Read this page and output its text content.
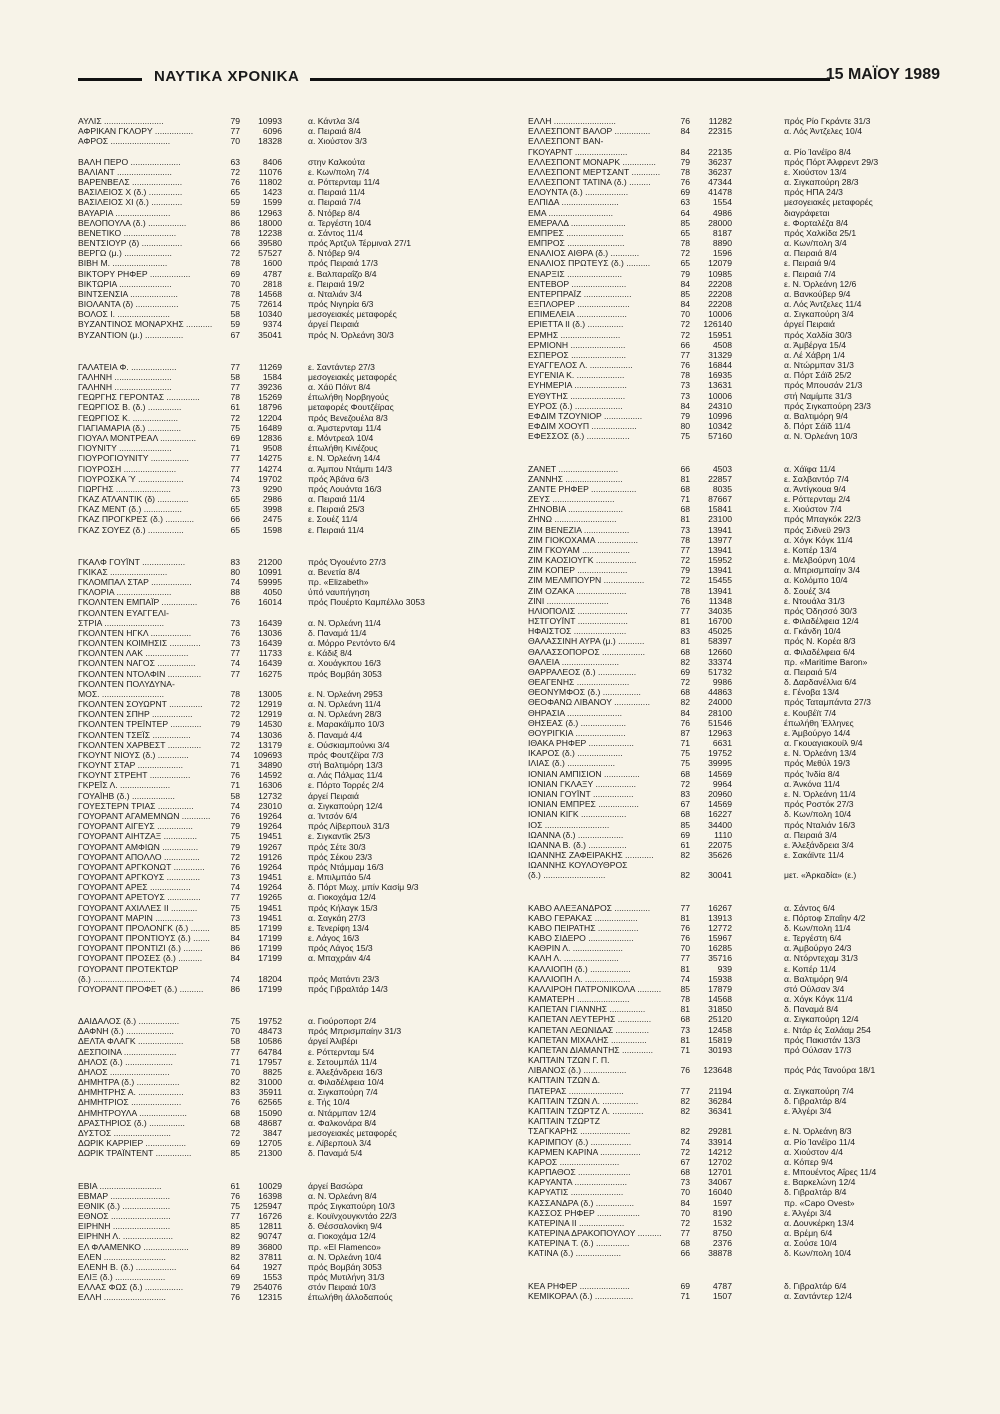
ΝΑΥΤΙΚΑ ΧΡΟΝΙΚΑ	15 ΜΑΪΟΥ 1989
ΑΥΛΙΣ .........................	79	10993	α. Κάντλα 3/4
ΑΦΡΙΚΑΝ ΓΚΛΟΡΥ ................	77	6096	α. Πειραιά 8/4
ΑΦΡΟΣ .........................	70	18328	α. Χιούστον 3/3
ΒΑΛΗ ΠΕΡΟ .....................	63	8406	στην Καλκούτα
ΒΑΛΙΑΝΤ .......................	72	11076	ε. Κων/πολη 7/4
ΒΑΡΕΝΒΕΛΣ .....................	76	11802	α. Ρόττερνταμ 11/4
ΒΑΣΙΛΕΙΟΣ Χ (δ.) ..............	65	1423	α. Πειραιά 11/4
ΒΑΣΙΛΕΙΟΣ ΧΙ (δ.) .............	59	1599	α. Πειραιά 7/4
ΒΑΥΑΡΙΑ .......................	86	12963	δ. Ντόβερ 8/4
ΒΕΛΟΠΟΥΛΑ (δ.) ................	86	18000	α. Τεργέστη 10/4
ΒΕΝΕΤΙΚΟ ......................	78	12238	α. Σάντος 11/4
ΒΕΝΤΣΙΟΥΡ (δ) .................	66	39580	πρός Άρτζυλ Τέρμιναλ 27/1
ΒΕΡΓΩ (μ.) ....................	72	57527	δ. Ντόβερ 9/4
ΒΙΒΗ Μ. .......................	78	1600	πρός Πειραιά 17/3
ΒΙΚΤΟΡΥ ΡΗΦΕΡ .................	69	4787	ε. Βαλπαραΐζο 8/4
ΒΙΚΤΩΡΙΑ ......................	70	2818	ε. Πειραιά 19/2
ΒΙΝΤΣΕΝΣΙΑ ....................	78	14568	α. Νταλιάν 3/4
ΒΙΟΛΑΝΤΑ (δ) ..................	75	72614	πρός Νιγηρία 6/3
ΒΟΛΟΣ Ι. ......................	58	10340	μεσογειακές μεταφορές
ΒΥΖΑΝΤΙΝΟΣ ΜΟΝΑΡΧΗΣ ...........	59	9374	άργεί Πειραιά
ΒΥΖΑΝΤΙΟΝ (μ.) ................	67	35041	πρός Ν. Όρλεάνη 30/3
ΓΑΛΑΤΕΙΑ Φ. ...................	77	11269	ε. Σαντάντερ 27/3
ΓΑΛΗΝΗ ........................	58	1584	μεσογειακές μεταφορές
ΓΑΛΗΝΗ ........................	77	39236	α. Χάϋ Πόϊντ 8/4
ΓΕΩΡΓΗΣ ΓΕΡΟΝΤΑΣ ..............	78	15269	έπωλήθη Νορβηγούς
ΓΕΩΡΓΙΟΣ Β. (δ.) ..............	61	18796	μεταφορές Φουτζέϊρας
ΓΕΩΡΓΙΟΣ Κ. ...................	72	12204	πρός Βενεζουέλα 8/3
ΓΙΑΓΙΑΜΑΡΙΑ (δ.) ..............	75	16489	α. Άμστερνταμ 11/4
ΓΙΟΥΑΛ ΜΟΝΤΡΕΑΛ ...............	69	12836	ε. Μόντρεαλ 10/4
ΓΙΟΥΝΙΤΥ ......................	71	9508	έπωλήθη Κινέζους
ΓΙΟΥΡΟΓΙΟΥΝΙΤΥ ................	77	14275	ε. Ν. Όρλεάνη 14/4
ΓΙΟΥΡΟΣΗ ......................	77	14274	α. Άμπου Ντάμπι 14/3
ΓΙΟΥΡΟΣΚΑ Ύ ...................	74	19702	πρός Άβάνα 6/3
ΓΙΩΡΓΗΣ .......................	73	9290	πρός Λουάντα 16/3
ΓΚΑΖ ΑΤΛΑΝΤΙΚ (δ) .............	65	2986	α. Πειραιά 11/4
ΓΚΑΖ ΜΕΝΤ (δ.) ................	65	3998	ε. Πειραιά 25/3
ΓΚΑΖ ΠΡΟΓΚΡΕΣ (δ.) ............	66	2475	ε. Σουέζ 11/4
ΓΚΑΖ ΣΟΥΕΖ (δ.) ...............	65	1598	ε. Πειραιά 11/4
ΓΚΑΛΦ ΓΟΥΪΝΤ ..................	83	21200	πρός Όγουέντο 27/3
ΓΚΙΚΑΣ ........................	80	10991	α. Βενετία 8/4
ΓΚΛΟΜΠΑΛ ΣΤΑΡ .................	74	59995	πρ. «Elizabeth»
ΓΚΛΟΡΙΑ .......................	88	4050	ύπό ναυπήγηση
ΓΚΟΛΝΤΕΝ ΕΜΠΑΪΡ ...............	76	16014	πρός Πουέρτο Καμπέλλο 3053
ΓΚΟΛΝΤΕΝ ΕΥΑΓΓΕΛΙ-
ΣΤΡΙΑ .........................	73	16439	α. Ν. Όρλεάνη 11/4
ΓΚΟΛΝΤΕΝ ΗΓΚΛ .................	76	13036	δ. Παναμά 11/4
ΓΚΟΛΝΤΕΝ ΚΟΙΜΗΣΙΣ .............	73	16439	α. Μόρρο Ρεντόντο 6/4
ΓΚΟΛΝΤΕΝ ΛΑΚ ..................	77	11733	ε. Κάδιξ 8/4
ΓΚΟΛΝΤΕΝ ΝΑΓΟΣ ................	74	16439	α. Χουάγκπου 16/3
ΓΚΟΛΝΤΕΝ ΝΤΟΛΦΙΝ ..............	77	16275	πρός Βομβάη 3053
ΓΚΟΛΝΤΕΝ ΠΟΛΥΔΥΝΑ-
ΜΟΣ. ..........................	78	13005	ε. Ν. Όρλεάνη 2953
ΓΚΟΛΝΤΕΝ ΣΟΥΩΡΝΤ ..............	72	12919	α. Ν. Όρλεάνη 11/4
ΓΚΟΛΝΤΕΝ ΣΠΗΡ .................	72	12919	α. Ν. Όρλεάνη 28/3
ΓΚΟΛΝΤΕΝ ΤΡΕΪΝΤΕΡ .............	79	14530	ε. Μαρακάϊμπο 10/3
ΓΚΟΛΝΤΕΝ ΤΣΕΪΣ ................	74	13036	δ. Παναμά 4/4
ΓΚΟΛΝΤΕΝ ΧΑΡΒΕΣΤ ..............	72	13179	ε. Ούσκιαμπούνκι 3/4
ΓΚΟΥΝΤ ΝΙΟΥΣ (δ.) .............	74	109693	πρός Φουτζέϊρα 7/3
ΓΚΟΥΝΤ ΣΤΑΡ ...................	71	34890	στή Βαλτιμόρη 13/3
ΓΚΟΥΝΤ ΣΤΡΕΗΤ .................	76	14592	α. Λάς Πάλμας 11/4
ΓΚΡΕΪΣ Λ. .....................	71	16306	ε. Πόρτο Τορρές 2/4
ΓΟΥΑΪΗΒ (δ.) ..................	58	12732	άργεί Πειραιά
ΓΟΥΕΣΤΕΡΝ ΤΡΙΑΣ ...............	74	23010	α. Σιγκαπούρη 12/4
ΓΟΥΟΡΑΝΤ ΑΓΑΜΕΜΝΩΝ ............	76	19264	α. Ίντσόν 6/4
ΓΟΥΟΡΑΝΤ ΑΙΓΕΥΣ ...............	79	19264	πρός Λίβερπουλ 31/3
ΓΟΥΟΡΑΝΤ ΑΙΗΤΖΑΞ ..............	75	19451	ε. Σιγκαντϊκ 25/3
ΓΟΥΟΡΑΝΤ ΑΜΦΙΩΝ ...............	79	19267	πρός Σέτε 30/3
ΓΟΥΟΡΑΝΤ ΑΠΟΛΛΟ ...............	72	19126	πρός Σέκου 23/3
ΓΟΥΟΡΑΝΤ ΑΡΓΚΟΝΩΤ .............	76	19264	πρός Ντάμμαμ 16/3
ΓΟΥΟΡΑΝΤ ΑΡΓΚΟΥΣ ..............	73	19451	ε. Μπιλμπάο 5/4
ΓΟΥΟΡΑΝΤ ΑΡΕΣ .................	74	19264	δ. Πόρτ Μωχ. μπίν Κασίμ 9/3
ΓΟΥΟΡΑΝΤ ΑΡΕΤΟΥΣ ..............	77	19265	α. Γιοκοχάμα 12/4
ΓΟΥΟΡΑΝΤ ΑΧΙΛΛΕΣ ΙΙ ...........	75	19451	πρός Κήλαγκ 15/3
ΓΟΥΟΡΑΝΤ ΜΑΡΙΝ ................	73	19451	α. Σαγκάη 27/3
ΓΟΥΟΡΑΝΤ ΠΡΟΛΟΝΓΚ (δ.) ........	85	17199	ε. Τενερίφη 13/4
ΓΟΥΟΡΑΝΤ ΠΡΟΝΤΙΟΥΣ (δ.) .......	84	17199	ε. Λάγος 16/3
ΓΟΥΟΡΑΝΤ ΠΡΟΝΤΙΖΙ (δ.) ........	86	17199	πρός Λάγος 15/3
ΓΟΥΟΡΑΝΤ ΠΡΟΣΕΣ (δ.) ..........	84	17199	α. Μπαχράιν 4/4
ΓΟΥΟΡΑΝΤ ΠΡΟΤΕΚΤΩΡ
(δ.) ..........................	74	18204	πρός Ματάντι 23/3
ΓΟΥΟΡΑΝΤ ΠΡΟΦΕΤ (δ.) ..........	86	17199	πρός Γιβραλτάρ 14/3
ΔΑΙΔΑΛΟΣ (δ.) .................	75	19752	α. Γιούρoπορτ 2/4
ΔΑΦΝΗ (δ.) ....................	70	48473	πρός Μπρισμπαίην 31/3
ΔΕΛΤΑ ΦΛΑΓΚ ...................	58	10586	άργεί Άλιβέρι
ΔΕΣΠΟΙΝΑ ......................	77	64784	ε. Ρόττερνταμ 5/4
ΔΗΛΟΣ (δ.) ....................	71	17957	ε. Σετουμπάλ 11/4
ΔΗΛΟΣ .........................	70	8825	ε. Άλεξάνδρεια 16/3
ΔΗΜΗΤΡΑ (δ.) ..................	82	31000	α. Φιλαδέλφεια 10/4
ΔΗΜΗΤΡΗΣ Α. ...................	83	35911	α. Σιγκαπούρη 7/4
ΔΗΜΗΤΡΙΟΣ .....................	76	62565	ε. Τής 10/4
ΔΗΜΗΤΡΟΥΛΑ ....................	68	15090	α. Ντάρμπαν 12/4
ΔΡΑΣΤΗΡΙΟΣ (δ.) ...............	68	48687	α. Φαλκονάρα 8/4
ΔΥΣΤΟΣ ........................	72	3847	μεσογειακές μεταφορές
ΔΩΡΙΚ ΚΑΡΡΙΕΡ .................	69	12705	ε. Λίβερπουλ 3/4
ΔΩΡΙΚ ΤΡΑΪΝΤΕΝΤ ...............	85	21300	δ. Παναμά 5/4
ΕΒΙΑ ..........................	61	10029	άργεί Βασώρα
ΕΒΜΑΡ .........................	76	16398	α. Ν. Όρλεάνη 8/4
ΕΘΝΙΚ (δ.) ....................	75	125947	πρός Σιγκαπούρη 10/3
ΕΘΝΟΣ .........................	77	16726	ε. Κουϊνχουγκντάο 22/3
ΕΙΡΗΝΗ ........................	85	12811	δ. Θέσσαλονίκη 9/4
ΕΙΡΗΝΗ Λ. .....................	82	90747	α. Γιοκοχάμα 12/4
ΕΛ ΦΛΑΜΕΝΚΟ ...................	89	36800	πρ. «El Flamenco»
ΕΛΕΝ ..........................	82	37811	α. Ν. Όρλεάνη 10/4
ΕΛΕΝΗ Β. (δ.) .................	64	1927	πρός Βομβάη 3053
ΕΛΙΞ (δ.) .....................	69	1553	πρός Μυτιλήνη 31/3
ΕΛΛΑΣ ΦΩΣ (δ.) ................	79	254076	στόν Πειραιά 10/3
ΕΛΛΗ ..........................	76	12315	έπωλήθη άλλοδαπούς
ΕΛΛΗ ..........................	76	11282	πρός Ρίο Γκράντε 31/3
ΕΛΛΕΣΠΟΝΤ ΒΑΛΟΡ ...............	84	22315	α. Λός Άντζελες 10/4
ΕΛΛΕΣΠΟΝΤ ΒΑΝ-
ΓΚΟΥΑΡΝΤ ......................	84	22135	α. Ρίο Ίανέϊρο 8/4
ΕΛΛΕΣΠΟΝΤ ΜΟΝΑΡΚ ..............	79	36237	πρός Πόρτ Άλφρεντ 29/3
ΕΛΛΕΣΠΟΝΤ ΜΕΡΤΣΑΝΤ ............	78	36237	ε. Χιούστον 13/4
ΕΛΛΕΣΠΟΝΤ ΤΑΤΙΝΑ (δ.) .........	76	47344	α. Σιγκαπούρη 28/3
ΕΛΟΥΝΤΑ (δ.) ..................	69	41478	πρός ΗΠΑ 24/3
ΕΛΠΙΔΑ ........................	63	1554	μεσογειακές μεταφορές
ΕΜΑ ...........................	64	4986	διαγράφεται
ΕΜΕΡΑΛΔ .......................	85	28000	ε. Φορταλέζα 8/4
ΕΜΠΡΕΣ ........................	65	8187	πρός Χαλκίδα 25/1
ΕΜΠΡΟΣ ........................	78	8890	α. Κων/πολη 3/4
ΕΝΑΛΙΟΣ ΑΙΘΡΑ (δ.) ............	72	1596	α. Πειραιά 8/4
ΕΝΑΛΙΟΣ ΠΡΩΤΕΥΣ (δ.) ..........	65	12079	ε. Πειραιά 9/4
ΕΝΑΡΞΙΣ .......................	79	10985	ε. Πειραιά 7/4
ΕΝΤΕΒΟΡ .......................	84	22208	ε. Ν. Όρλεάνη 12/6
ΕΝΤΕΡΠΡΑΪΖ ....................	85	22208	α. Βανκούβερ 9/4
ΕΞΠΛΟΡΕΡ ......................	84	22208	α. Λός Άντζελες 11/4
ΕΠΙΜΕΛΕΙΑ .....................	70	10006	α. Σιγκαπούρη 3/4
ΕΡΙΕΤΤΑ ΙΙ (δ.) ...............	72	126140	άργεί Πειραιά
ΕΡΜΗΣ .........................	72	15951	πρός Χαλδία 30/3
ΕΡΜΙΟΝΗ .......................	66	4508	α. Άμβέργα 15/4
ΕΣΠΕΡΟΣ .......................	77	31329	α. Λέ Χάβρη 1/4
ΕΥΑΓΓΕΛΟΣ Λ. ..................	76	16844	α. Ντώρμπαν 31/3
ΕΥΓΕΝΙΑ Κ. ....................	78	16935	α. Πόρτ Σάϊδ 25/2
ΕΥΗΜΕΡΙΑ ......................	73	13631	πρός Μπουσάν 21/3
ΕΥΘΥΤΗΣ .......................	73	10006	στή Ναμίμπε 31/3
ΕΥΡΟΣ (δ.) ....................	84	24310	πρός Σιγκαπούρη 23/3
ΕΦΔΙΜ ΤΖΟΥΝΙΟΡ ................	79	10996	α. Βαλτιμόρη 9/4
ΕΦΔΙΜ ΧΟΟΥΠ ...................	80	10342	δ. Πόρτ Σάϊδ 11/4
ΕΦΕΣΣΟΣ (δ.) ..................	75	57160	α. Ν. Όρλεάνη 10/3
ΖΑΝΕΤ .........................	66	4503	α. Χάϊφα 11/4
ΖΑΝΝΗΣ ........................	81	22857	ε. Σαλβαντόρ 7/4
ΖΑΝΤΕ ΡΗΦΕΡ ...................	68	8035	α. Άντίγκουα 9/4
ΖΕΥΣ ..........................	71	87667	ε. Ρόττερνταμ 2/4
ΖΗΝΟΒΙΑ .......................	68	15841	ε. Χιούστον 7/4
ΖΗΝΩ ..........................	81	23100	πρός Μπαγκόκ 22/3
ΖΙΜ ΒΕΝΕΖΙΑ ...................	73	13941	πρός Σιδνεϋ 29/3
ΖΙΜ ΓΙΟΚΟΧΑΜΑ .................	78	13977	α. Χόγκ Κόγκ 11/4
ΖΙΜ ΓΚΟΥΑΜ ....................	77	13941	ε. Κοπέρ 13/4
ΖΙΜ ΚΑΟΣΙΟΥΓΚ .................	72	15952	ε. Μελβούρνη 10/4
ΖΙΜ ΚΟΠΕΡ .....................	79	13941	α. Μπρισμπαίην 3/4
ΖΙΜ ΜΕΛΜΠΟΥΡΝ .................	72	15455	α. Κολόμπο 10/4
ΖΙΜ ΟΖΑΚΑ .....................	78	13941	δ. Σουέζ 3/4
ΖΙΝΙ ..........................	76	11348	ε. Ντουάλα 31/3
ΗΛΙΟΠΟΛΙΣ .....................	77	34035	πρός Όδησσό 30/3
ΗΣΤΓΟΥΪΝΤ .....................	81	16700	ε. Φιλαδέλφεια 12/4
ΗΦΑΙΣΤΟΣ ......................	83	45025	α. Γκάνδη 10/4
ΘΑΛΑΣΣΙΝΗ ΑΥΡΑ (μ.) ...........	81	58397	πρός Ν. Κορέα 8/3
ΘΑΛΑΣΣΟΠΟΡΟΣ ..................	68	12660	α. Φιλαδέλφεια 6/4
ΘΑΛΕΙΑ ........................	82	33374	πρ. «Maritime Baron»
ΘΑΡΡΑΛΕΟΣ (δ.) ................	69	51732	α. Πειραιά 5/4
ΘΕΑΓΕΝΗΣ ......................	72	9986	δ. Δαρδανέλλια 6/4
ΘΕΟΝΥΜΦΟΣ (δ.) ................	68	44863	ε. Γένοβα 13/4
ΘΕΟΦΑΝΩ ΛΙΒΑΝΟΥ ...............	82	24000	πρός Ταταμπάντα 27/3
ΘΗΡΑΣΙΑ .......................	84	28100	ε. Κουβέϊτ 7/4
ΘΗΣΕΑΣ (δ.) ...................	76	51546	έπωλήθη Έλληνες
ΘΟΥΡΙΓΚΙΑ .....................	87	12963	ε. Άμβούργο 14/4
ΙΘΑΚΑ ΡΗΦΕΡ ...................	71	6631	α. Γκουαγιακουίλ 9/4
ΙΚΑΡΟΣ (δ.) ...................	75	19752	ε. Ν. Όρλεάνη 13/4
ΙΛΙΑΣ (δ.) ....................	75	39995	πρός Μεθύλ 19/3
ΙΟΝΙΑΝ ΑΜΠΙΣΙΟΝ ...............	68	14569	πρός Ίνδία 8/4
ΙΟΝΙΑΝ ΓΚΛΑΞΥ .................	72	9964	α. Άνκόνα 11/4
ΙΟΝΙΑΝ ΓΟΥΪΝΤ .................	83	20960	ε. Ν. Όρλεάνη 11/4
ΙΟΝΙΑΝ ΕΜΠΡΕΣ .................	67	14569	πρός Ροστόκ 27/3
ΙΟΝΙΑΝ ΚΙΓΚ ...................	68	16227	δ. Κων/πολη 10/4
ΙΟΣ ...........................	85	34400	πρός Νταλιάν 16/3
ΙΩΑΝΝΑ (δ.) ...................	69	1110	α. Πειραιά 3/4
ΙΩΑΝΝΑ Β. (δ.) ................	61	22075	ε. Άλεξάνδρεια 3/4
ΙΩΑΝΝΗΣ ΖΑΦΕΙΡΑΚΗΣ ............	82	35626	ε. Σακάϊντε 11/4
ΙΩΑΝΝΗΣ ΚΟΥΛΟΥΘΡΟΣ
(δ.) ..........................	82	30041	μετ. «Άρκαδία» (ε.)
ΚΑΒΟ ΑΛΕΞΑΝΔΡΟΣ ...............	77	16267	α. Σάντος 6/4
ΚΑΒΟ ΓΕΡΑΚΑΣ ..................	81	13913	ε. Πόρτοφ Σπαΐην 4/2
ΚΑΒΟ ΠΕΙΡΑΤΗΣ .................	76	12772	δ. Κων/πολη 11/4
ΚΑΒΟ ΣΙΔΕΡΟ ...................	76	15967	ε. Τεργέστη 6/4
ΚΑΘΡΙΝ Λ. .....................	70	16285	α. Άμβούργο 24/3
ΚΑΛΗ Λ. .......................	77	35716	α. Ντόρντεχαμ 31/3
ΚΑΛΛΙΟΠΗ (δ.) .................	81	939	ε. Κοπέρ 11/4
ΚΑΛΛΙΟΠΗ Λ. ...................	74	15938	α. Βαλτιμόρη 9/4
ΚΑΛΛΙΡΟΗ ΠΑΤΡΟΝΙΚΟΛΑ ..........	85	17879	στό Ούλσαν 3/4
ΚΑΜΑΤΕΡΗ ......................	78	14568	α. Χόγκ Κόγκ 11/4
ΚΑΠΕΤΑΝ ΓΙΑΝΝΗΣ ...............	81	31850	δ. Παναμά 8/4
ΚΑΠΕΤΑΝ ΛΕΥΤΕΡΗΣ ..............	68	25120	α. Σιγκαπούρη 12/4
ΚΑΠΕΤΑΝ ΛΕΩΝΙΔΑΣ ..............	73	12458	ε. Ντάρ ές Σαλάαμ 254
ΚΑΠΕΤΑΝ ΜΙΧΑΛΗΣ ...............	81	15819	πρός Πακιστάν 13/3
ΚΑΠΕΤΑΝ ΔΙΑΜΑΝΤΗΣ .............	71	30193	πρό Ούλσαν 17/3
ΚΑΠΤΑΙΝ ΤΖΩΝ Γ. Π.
ΛΙΒΑΝΟΣ (δ.) ..................	76	123648	πρός Ράς Τανούρα 18/1
ΚΑΠΤΑΙΝ ΤΖΩΝ Δ.
ΠΑΤΕΡΑΣ .......................	77	21194	α. Σιγκαπούρη 7/4
ΚΑΠΤΑΙΝ ΤΖΩΝ Λ. ...............	82	36284	δ. Γιβραλτάρ 8/4
ΚΑΠΤΑΙΝ ΤΖΩΡΤΖ Λ. .............	82	36341	ε. Άλγέρι 3/4
ΚΑΠΤΑΙΝ ΤΖΩΡΤΖ
ΤΣΑΓΚΑΡΗΣ .....................	82	29281	ε. Ν. Όρλεάνη 8/3
ΚΑΡΙΜΠΟΥ (δ.) .................	74	33914	α. Ρίο Ίανέϊρο 11/4
ΚΑΡΜΕΝ ΚΑΡΙΝΑ .................	72	14212	α. Χιούστον 4/4
ΚΑΡΟΣ .........................	67	12702	α. Κόπερ 9/4
ΚΑΡΠΑΘΟΣ ......................	68	12701	ε. Μπουέντος Αΐρες 11/4
ΚΑΡΥΑΝΤΑ ......................	73	34067	ε. Βαρκελώνη 12/4
ΚΑΡΥΑΤΙΣ ......................	70	16040	δ. Γιβραλτάρ 8/4
ΚΑΣΣΑΝΔΡΑ (δ.) ................	84	1597	πρ. «Capo Ovest»
ΚΑΣΣΟΣ ΡΗΦΕΡ ..................	70	8190	ε. Άλγέρι 3/4
ΚΑΤΕΡΙΝΑ ΙΙ ...................	72	1532	α. Δουνκέρκη 13/4
ΚΑΤΕΡΙΝΑ ΔΡΑΚΟΠΟΥΛΟΥ ..........	77	8750	α. Βρέμη 6/4
ΚΑΤΕΡΙΝΑ Τ. (δ.) ..............	68	2376	α. Σούσε 10/4
ΚΑΤΙΝΑ (δ.) ...................	66	38878	δ. Κων/πολη 10/4
ΚΕΑ ΡΗΦΕΡ .....................	69	4787	δ. Γιβραλτάρ 6/4
ΚΕΜΙΚΟΡΑΛ (δ.) ................	71	1507	α. Σαντάντερ 12/4
